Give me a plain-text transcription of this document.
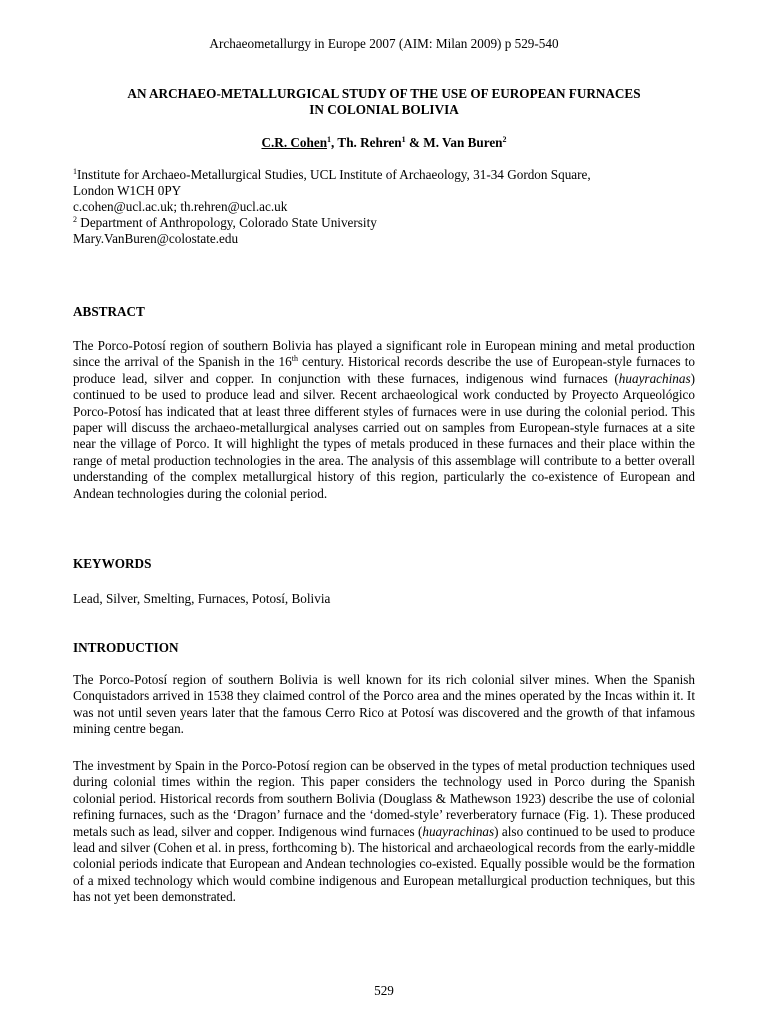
Archaeometallurgy in Europe 2007 (AIM: Milan 2009) p 529-540
AN ARCHAEO-METALLURGICAL STUDY OF THE USE OF EUROPEAN FURNACES
IN COLONIAL BOLIVIA
C.R. Cohen$^1$, Th. Rehren$^1$ & M. Van Buren$^2$
$^1$Institute for Archaeo-Metallurgical Studies, UCL Institute of Archaeology, 31-34 Gordon Square,
London W1CH 0PY
c.cohen@ucl.ac.uk; th.rehren@ucl.ac.uk
$^2$ Department of Anthropology, Colorado State University
Mary.VanBuren@colostate.edu
ABSTRACT
The Porco-Potosí region of southern Bolivia has played a significant role in European mining and metal production since the arrival of the Spanish in the 16th century. Historical records describe the use of European-style furnaces to produce lead, silver and copper. In conjunction with these furnaces, indigenous wind furnaces (huayrachinas) continued to be used to produce lead and silver. Recent archaeological work conducted by Proyecto Arqueológico Porco-Potosí has indicated that at least three different styles of furnaces were in use during the colonial period. This paper will discuss the archaeo-metallurgical analyses carried out on samples from European-style furnaces at a site near the village of Porco. It will highlight the types of metals produced in these furnaces and their place within the range of metal production technologies in the area. The analysis of this assemblage will contribute to a better overall understanding of the complex metallurgical history of this region, particularly the co-existence of European and Andean technologies during the colonial period.
KEYWORDS
Lead, Silver, Smelting, Furnaces, Potosí, Bolivia
INTRODUCTION
The Porco-Potosí region of southern Bolivia is well known for its rich colonial silver mines. When the Spanish Conquistadors arrived in 1538 they claimed control of the Porco area and the mines operated by the Incas within it. It was not until seven years later that the famous Cerro Rico at Potosí was discovered and the growth of that infamous mining centre began.
The investment by Spain in the Porco-Potosí region can be observed in the types of metal production techniques used during colonial times within the region. This paper considers the technology used in Porco during the Spanish colonial period. Historical records from southern Bolivia (Douglass & Mathewson 1923) describe the use of colonial refining furnaces, such as the ‘Dragon’ furnace and the ‘domed-style’ reverberatory furnace (Fig. 1). These produced metals such as lead, silver and copper. Indigenous wind furnaces (huayrachinas) also continued to be used to produce lead and silver (Cohen et al. in press, forthcoming b). The historical and archaeological records from the early-middle colonial periods indicate that European and Andean technologies co-existed. Equally possible would be the formation of a mixed technology which would combine indigenous and European metallurgical production techniques, but this has not yet been demonstrated.
529
